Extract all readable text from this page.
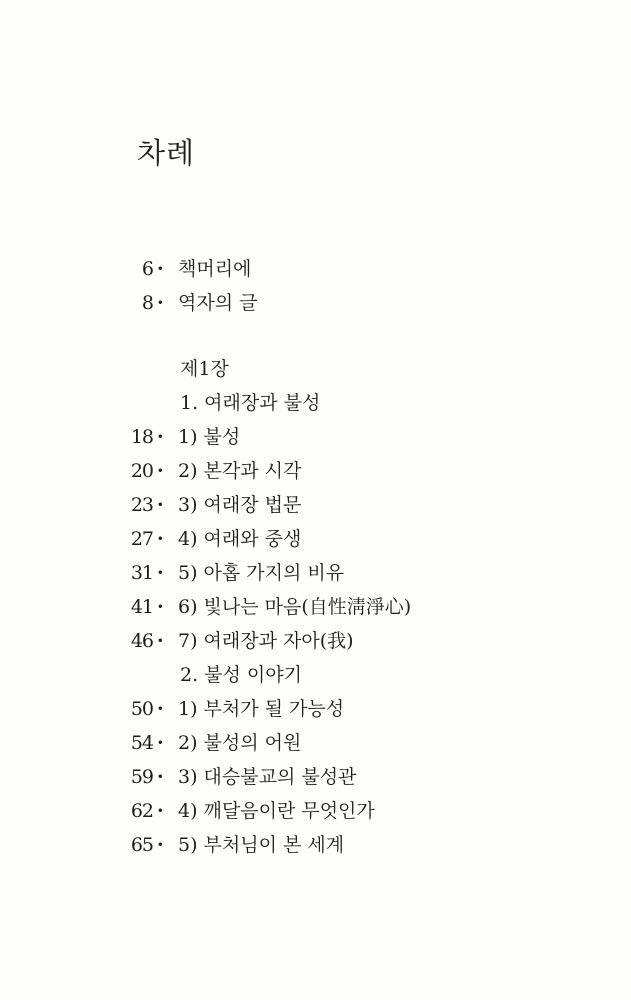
차례
6 · 책머리에
8 · 역자의 글
제1장
1. 여래장과 불성
18 · 1) 불성
20 · 2) 본각과 시각
23 · 3) 여래장 법문
27 · 4) 여래와 중생
31 · 5) 아홉 가지의 비유
41 · 6) 빛나는 마음(自性淸淨心)
46 · 7) 여래장과 자아(我)
2. 불성 이야기
50 · 1) 부처가 될 가능성
54 · 2) 불성의 어원
59 · 3) 대승불교의 불성관
62 · 4) 깨달음이란 무엇인가
65 · 5) 부처님이 본 세계
